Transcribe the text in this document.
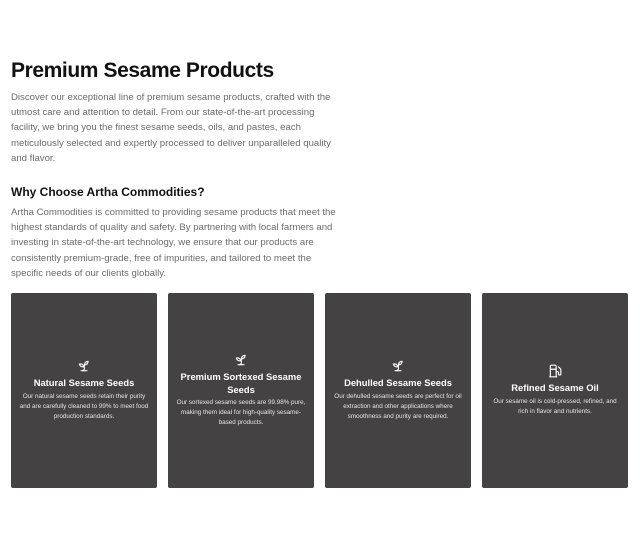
Premium Sesame Products

Discover our exceptional line of premium sesame products, crafted with the utmost care and attention to detail. From our state-of-the-art processing facility, we bring you the finest sesame seeds, oils, and pastes, each meticulously selected and expertly processed to deliver unparalleled quality and flavor.

Why Choose Artha Commodities?

Artha Commodities is committed to providing sesame products that meet the highest standards of quality and safety. By partnering with local farmers and investing in state-of-the-art technology, we ensure that our products are consistently premium-grade, free of impurities, and tailored to meet the specific needs of our clients globally.

Natural Sesame Seeds
Our natural sesame seeds retain their purity and are carefully cleaned to 99% to meet food production standards.
Premium Sortexed Sesame Seeds
Our sortexed sesame seeds are 99.98% pure, making them ideal for high-quality sesame-based products.
Dehulled Sesame Seeds
Our dehulled sesame seeds are perfect for oil extraction and other applications where smoothness and purity are required.
Refined Sesame Oil
Our sesame oil is cold-pressed, refined, and rich in flavor and nutrients.
